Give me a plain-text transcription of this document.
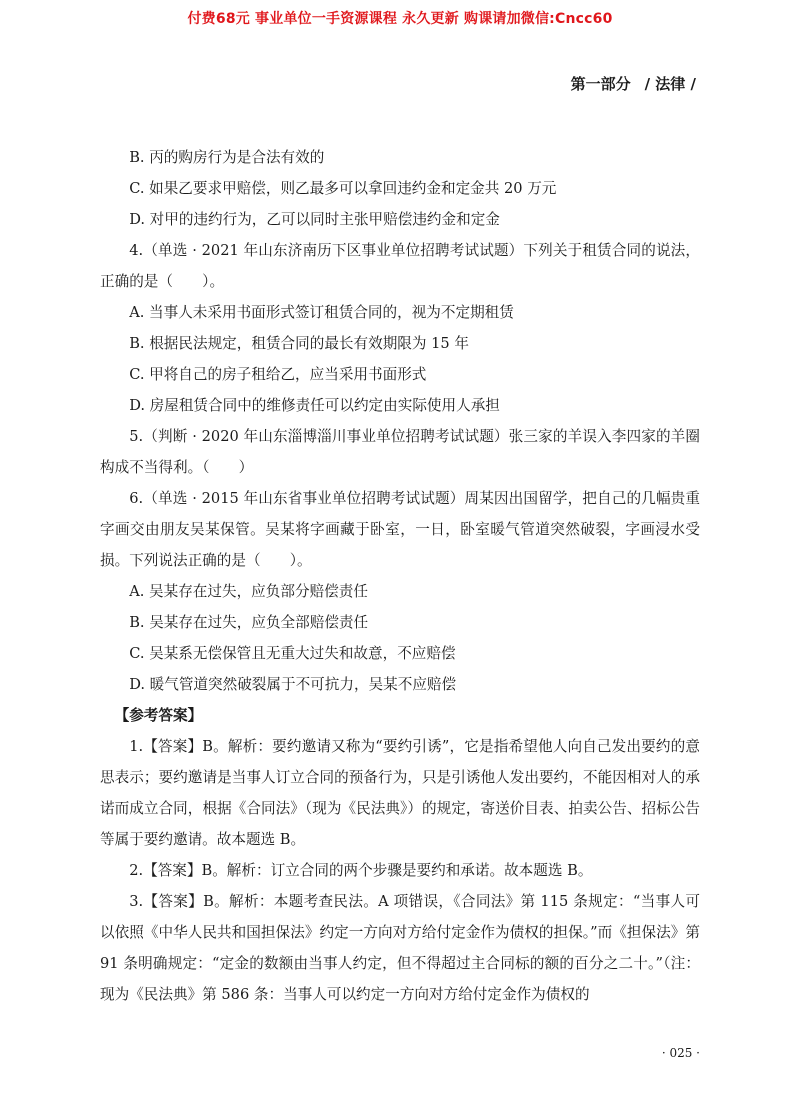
付费68元 事业单位一手资源课程 永久更新 购课请加微信:Cncc60
第一部分 / 法律 /

B. 丙的购房行为是合法有效的

C. 如果乙要求甲赔偿，则乙最多可以拿回违约金和定金共 20 万元

D. 对甲的违约行为，乙可以同时主张甲赔偿违约金和定金

4.（单选 · 2021 年山东济南历下区事业单位招聘考试试题）下列关于租赁合同的说法，正确的是（　　）。

A. 当事人未采用书面形式签订租赁合同的，视为不定期租赁

B. 根据民法规定，租赁合同的最长有效期限为 15 年

C. 甲将自己的房子租给乙，应当采用书面形式

D. 房屋租赁合同中的维修责任可以约定由实际使用人承担

5.（判断 · 2020 年山东淄博淄川事业单位招聘考试试题）张三家的羊误入李四家的羊圈构成不当得利。（　　）

6.（单选 · 2015 年山东省事业单位招聘考试试题）周某因出国留学，把自己的几幅贵重字画交由朋友吴某保管。吴某将字画藏于卧室，一日，卧室暖气管道突然破裂，字画浸水受损。下列说法正确的是（　　）。

A. 吴某存在过失，应负部分赔偿责任

B. 吴某存在过失，应负全部赔偿责任

C. 吴某系无偿保管且无重大过失和故意，不应赔偿

D. 暖气管道突然破裂属于不可抗力，吴某不应赔偿

【参考答案】

1.【答案】B。解析：要约邀请又称为“要约引诱”，它是指希望他人向自己发出要约的意思表示；要约邀请是当事人订立合同的预备行为，只是引诱他人发出要约，不能因相对人的承诺而成立合同，根据《合同法》（现为《民法典》）的规定，寄送价目表、拍卖公告、招标公告等属于要约邀请。故本题选 B。

2.【答案】B。解析：订立合同的两个步骤是要约和承诺。故本题选 B。

3.【答案】B。解析：本题考查民法。A 项错误，《合同法》第 115 条规定：“当事人可以依照《中华人民共和国担保法》约定一方向对方给付定金作为债权的担保。”而《担保法》第 91 条明确规定：“定金的数额由当事人约定，但不得超过主合同标的额的百分之二十。”（注：现为《民法典》第 586 条：当事人可以约定一方向对方给付定金作为债权的

· 025 ·
